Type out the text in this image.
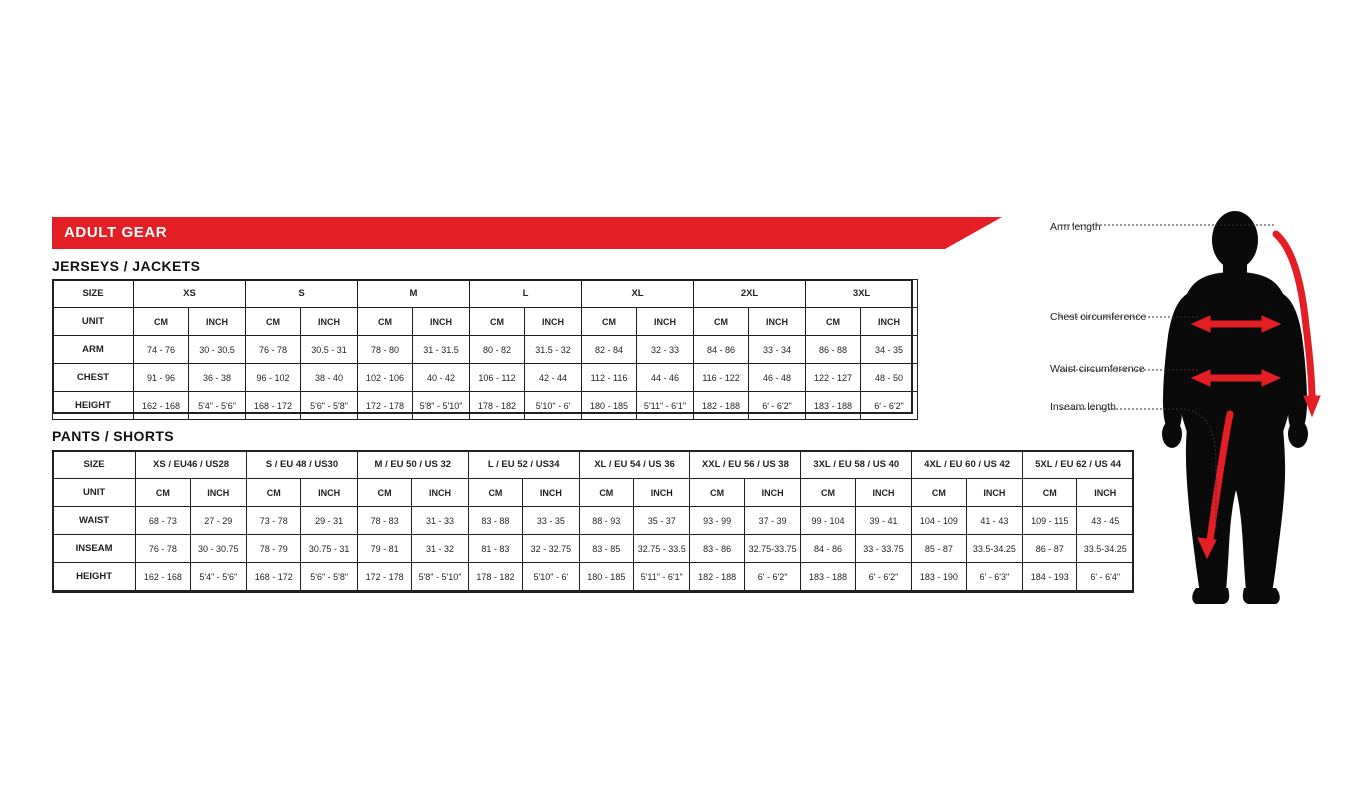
ADULT GEAR
JERSEYS / JACKETS
SIZE	XS		S		M		L		XL		2XL		3XL	
UNIT	CM	INCH	CM	INCH	CM	INCH	CM	INCH	CM	INCH	CM	INCH	CM	INCH
ARM	74 - 76	30 - 30.5	76 - 78	30.5 - 31	78 - 80	31 - 31.5	80 - 82	31.5 - 32	82 - 84	32 - 33	84 - 86	33 - 34	86 - 88	34 - 35
CHEST	91 - 96	36 - 38	96 - 102	38 - 40	102 - 106	40 - 42	106 - 112	42 - 44	112 - 116	44 - 46	116 - 122	46 - 48	122 - 127	48 - 50
HEIGHT	162 - 168	5'4" - 5'6"	168 - 172	5'6" - 5'8"	172 - 178	5'8" - 5'10"	178 - 182	5'10" - 6'	180 - 185	5'11" - 6'1"	182 - 188	6' - 6'2"	183 - 188	6' - 6'2"
PANTS / SHORTS
SIZE	XS / EU46 / US28		S / EU 48 / US30		M / EU 50 / US 32		L / EU 52 / US34		XL / EU 54 / US 36		XXL / EU 56 / US 38		3XL / EU 58 / US 40		4XL / EU 60 / US 42		5XL / EU 62 / US 44	
UNIT	CM	INCH	CM	INCH	CM	INCH	CM	INCH	CM	INCH	CM	INCH	CM	INCH	CM	INCH	CM	INCH
WAIST	68 - 73	27 - 29	73 - 78	29 - 31	78 - 83	31 - 33	83 - 88	33 - 35	88 - 93	35 - 37	93 - 99	37 - 39	99 - 104	39 - 41	104 - 109	41 - 43	109 - 115	43 - 45
INSEAM	76 - 78	30 - 30.75	78 - 79	30.75 - 31	79 - 81	31 - 32	81 - 83	32 - 32.75	83 - 85	32.75 - 33.5	83 - 86	32.75-33.75	84 - 86	33 - 33.75	85 - 87	33.5-34.25	86 - 87	33.5-34.25
HEIGHT	162 - 168	5'4" - 5'6"	168 - 172	5'6" - 5'8"	172 - 178	5'8" - 5'10"	178 - 182	5'10" - 6'	180 - 185	5'11" - 6'1"	182 - 188	6' - 6'2"	183 - 188	6' - 6'2"	183 - 190	6' - 6'3"	184 - 193	6' - 6'4"
Arm length
Chest circumference
Waist circumference
Inseam length
